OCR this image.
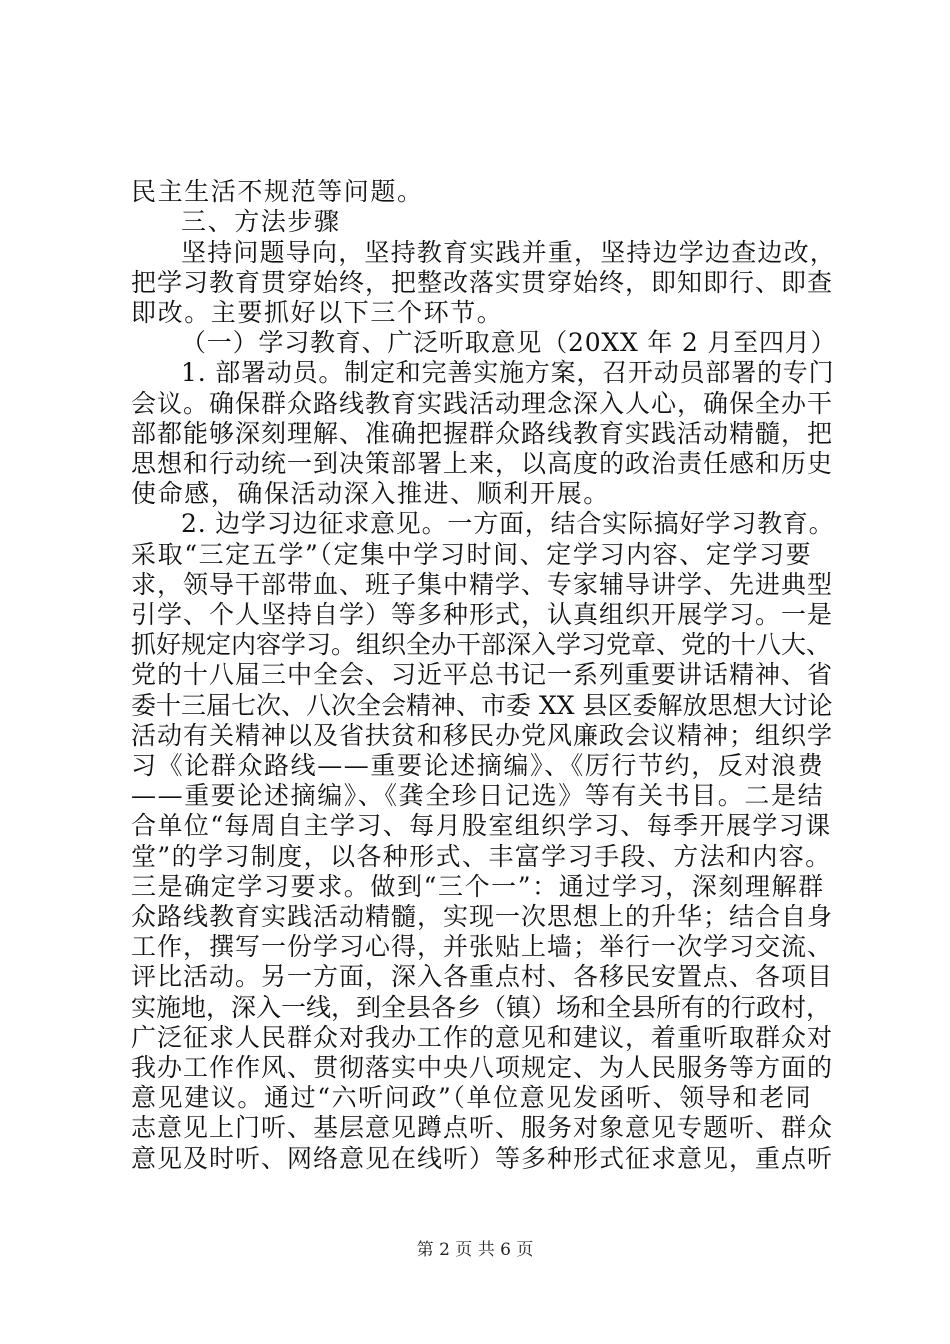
民主生活不规范等问题。
三、方法步骤
坚持问题导向，坚持教育实践并重，坚持边学边查边改，
把学习教育贯穿始终，把整改落实贯穿始终，即知即行、即查
即改。主要抓好以下三个环节。
（一）学习教育、广泛听取意见（20XX 年 2 月至四月）
1. 部署动员。制定和完善实施方案，召开动员部署的专门
会议。确保群众路线教育实践活动理念深入人心，确保全办干
部都能够深刻理解、准确把握群众路线教育实践活动精髓，把
思想和行动统一到决策部署上来，以高度的政治责任感和历史
使命感，确保活动深入推进、顺利开展。
2. 边学习边征求意见。一方面，结合实际搞好学习教育。
采取“三定五学”（定集中学习时间、定学习内容、定学习要
求，领导干部带血、班子集中精学、专家辅导讲学、先进典型
引学、个人坚持自学）等多种形式，认真组织开展学习。一是
抓好规定内容学习。组织全办干部深入学习党章、党的十八大、
党的十八届三中全会、习近平总书记一系列重要讲话精神、省
委十三届七次、八次全会精神、市委 XX 县区委解放思想大讨论
活动有关精神以及省扶贫和移民办党风廉政会议精神；组织学
习《论群众路线——重要论述摘编》、《厉行节约，反对浪费
——重要论述摘编》、《龚全珍日记选》等有关书目。二是结
合单位“每周自主学习、每月股室组织学习、每季开展学习课
堂”的学习制度，以各种形式、丰富学习手段、方法和内容。
三是确定学习要求。做到“三个一”：通过学习，深刻理解群
众路线教育实践活动精髓，实现一次思想上的升华；结合自身
工作，撰写一份学习心得，并张贴上墙；举行一次学习交流、
评比活动。另一方面，深入各重点村、各移民安置点、各项目
实施地，深入一线，到全县各乡（镇）场和全县所有的行政村，
广泛征求人民群众对我办工作的意见和建议，着重听取群众对
我办工作作风、贯彻落实中央八项规定、为人民服务等方面的
意见建议。通过“六听问政”（单位意见发函听、领导和老同
志意见上门听、基层意见蹲点听、服务对象意见专题听、群众
意见及时听、网络意见在线听）等多种形式征求意见，重点听
第 2 页 共 6 页
